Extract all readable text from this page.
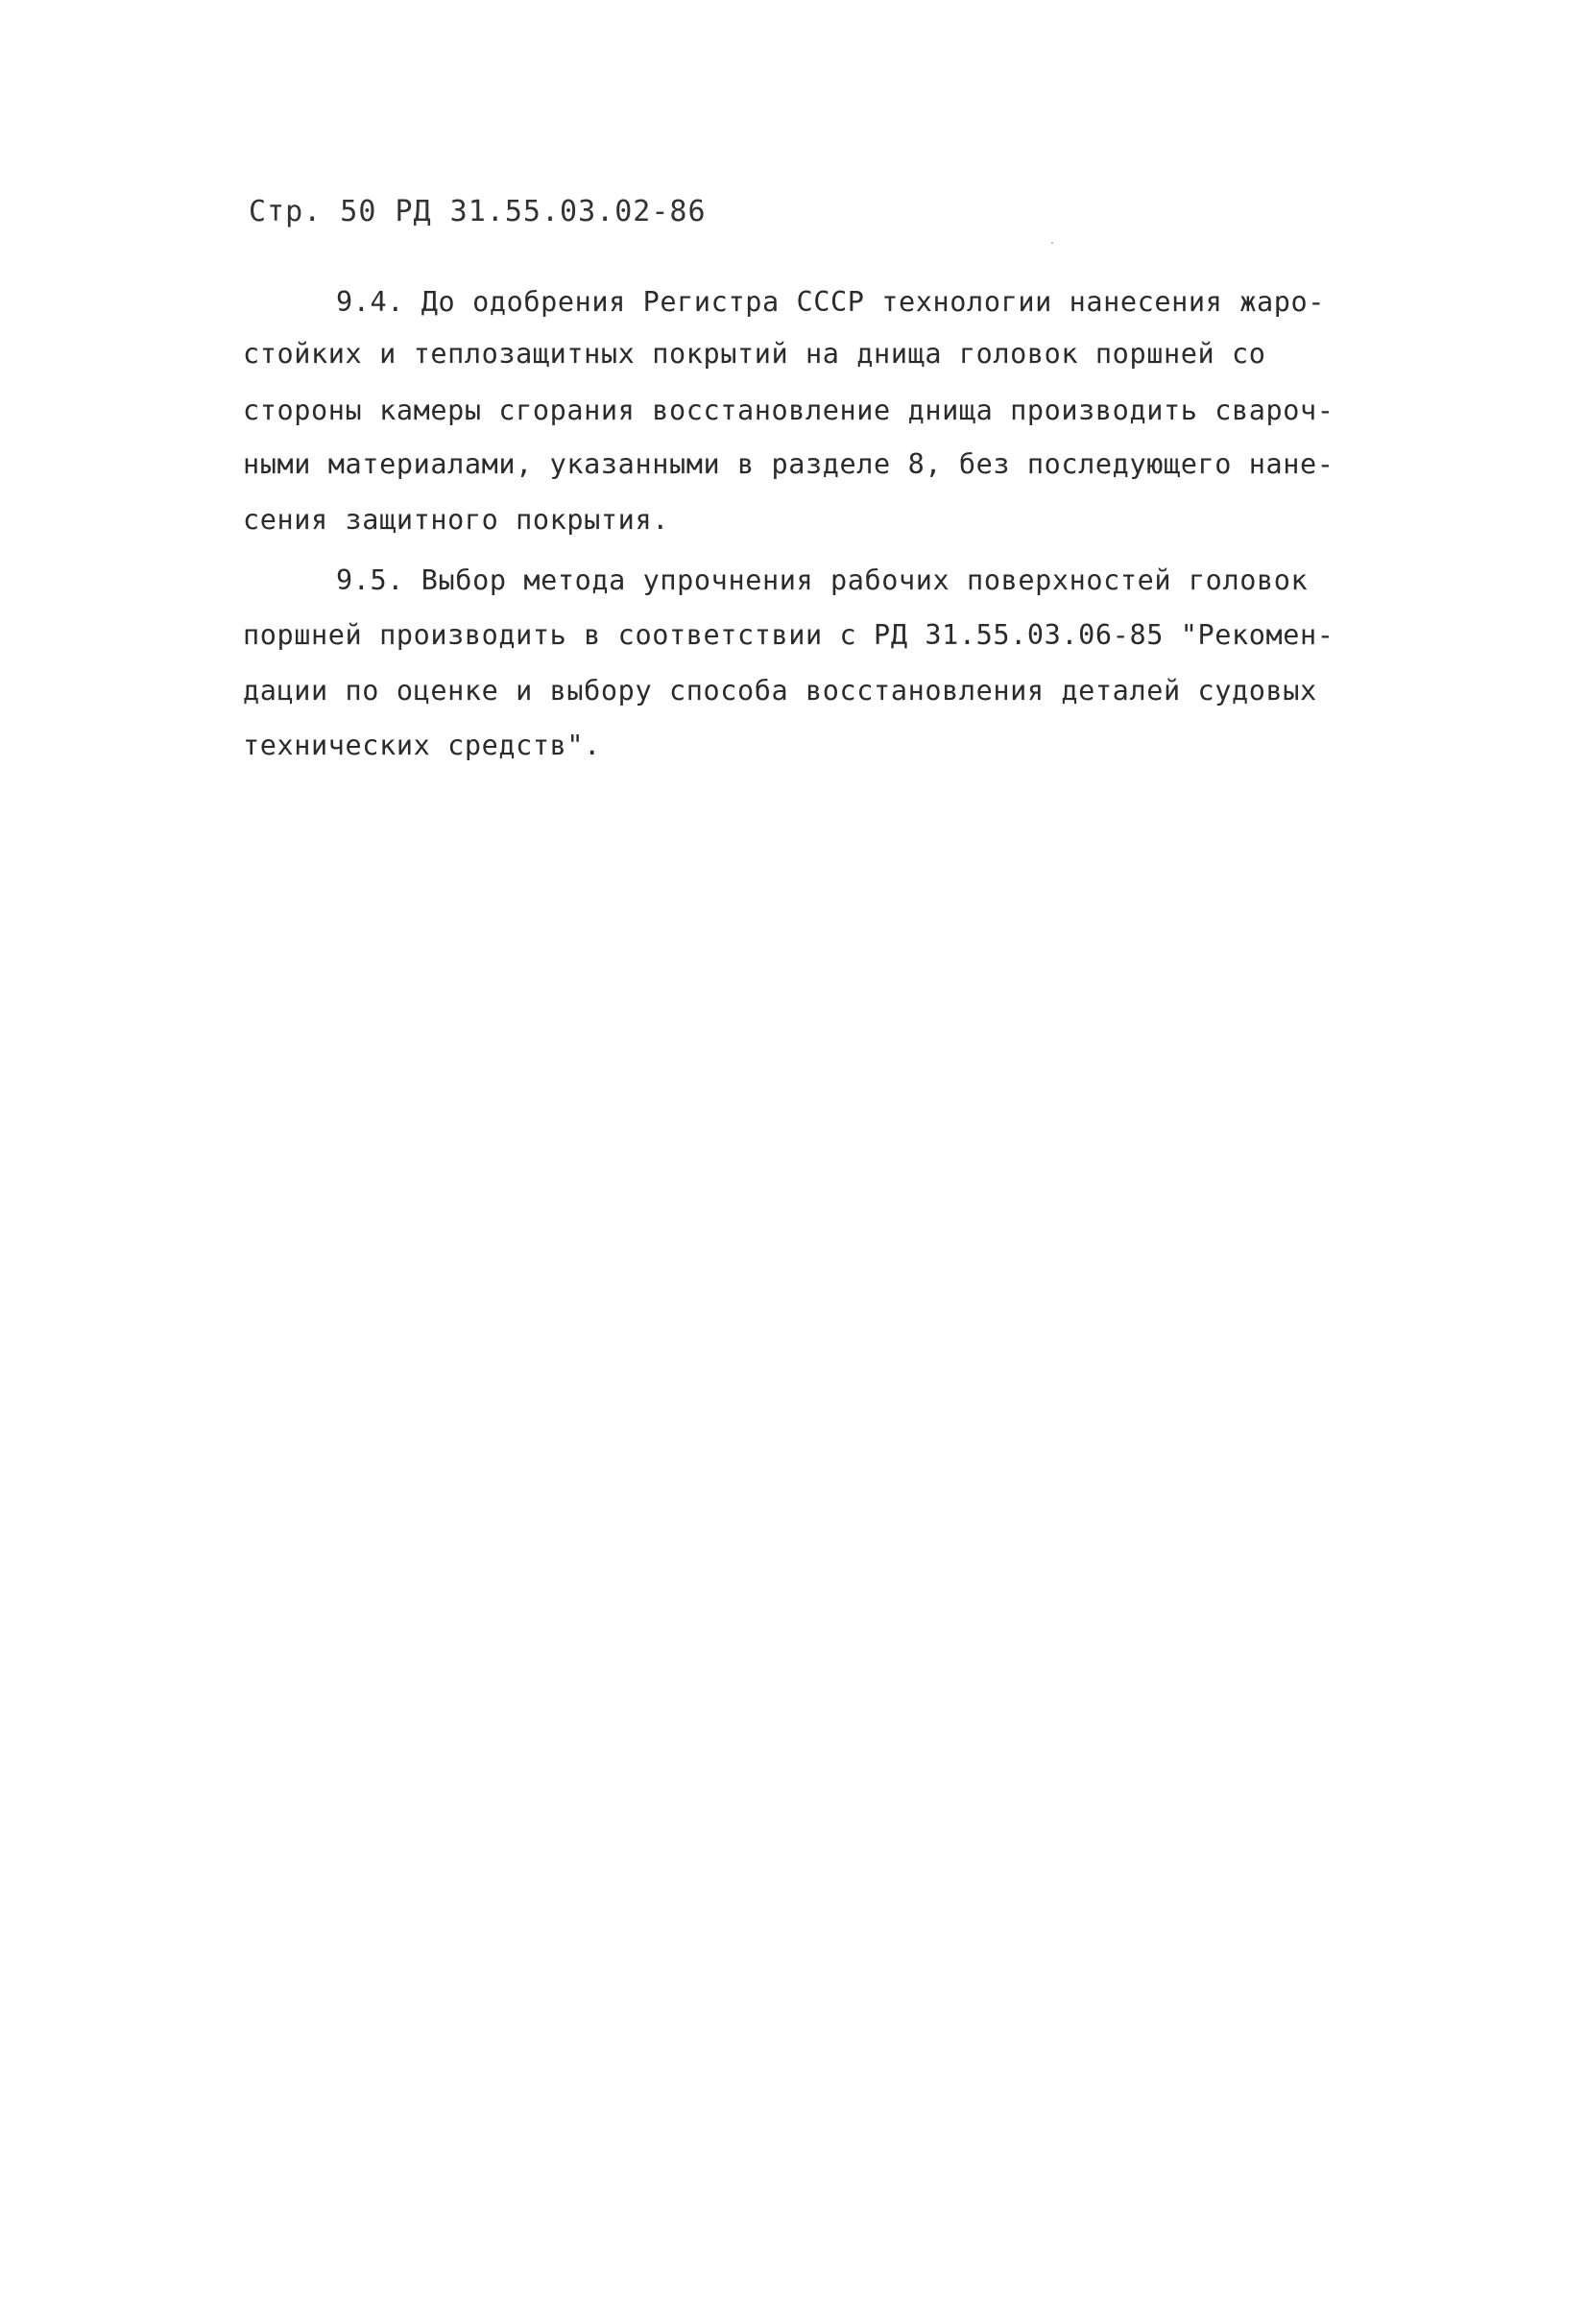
Стр. 50 РД 31.55.03.02-86
9.4. До одобрения Регистра СССР технологии нанесения жаро-
стойких и теплозащитных покрытий на днища головок поршней со
стороны камеры сгорания восстановление днища производить сварoч-
ными материалами, указанными в разделе 8, без последующего нане-
сения защитного покрытия.
9.5. Выбор метода упрочнения рабочих поверхностей головок
поршней производить в соответствии с РД 31.55.03.06-85 "Рекомен-
дации по оценке и выбору способа восстановления деталей судовых
технических средств".
